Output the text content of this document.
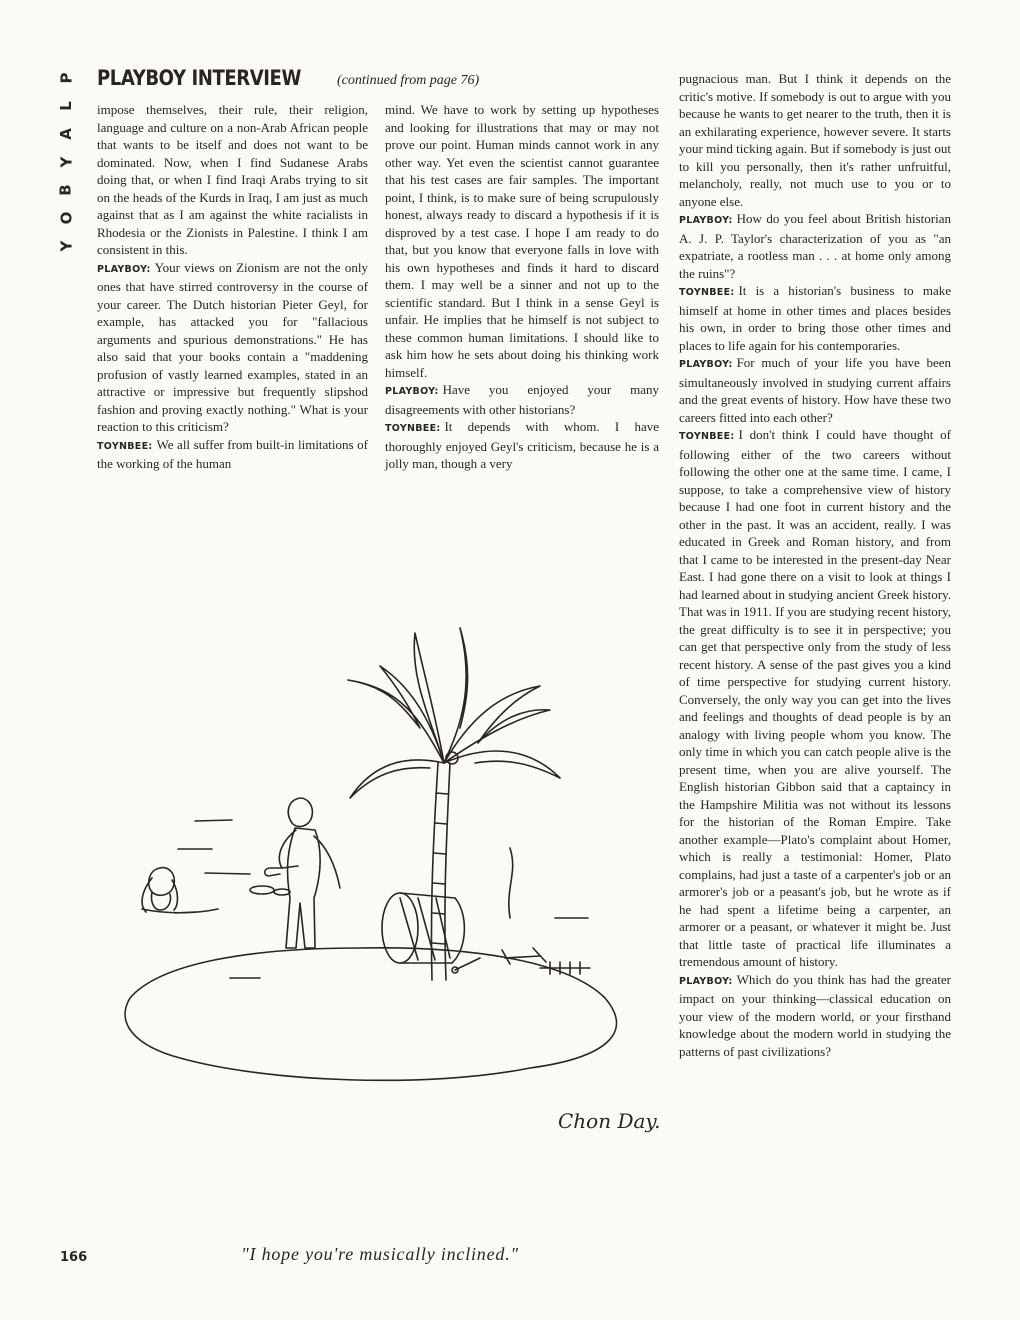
P
L
A
Y
B
O
Y
PLAYBOY INTERVIEW	(continued from page 76)

impose themselves, their rule, their religion, language and culture on a non-Arab African people that wants to be itself and does not want to be dominated. Now, when I find Sudanese Arabs doing that, or when I find Iraqi Arabs trying to sit on the heads of the Kurds in Iraq, I am just as much against that as I am against the white racialists in Rhodesia or the Zionists in Palestine. I think I am consistent in this.

PLAYBOY: Your views on Zionism are not the only ones that have stirred controversy in the course of your career. The Dutch historian Pieter Geyl, for example, has attacked you for "fallacious arguments and spurious demonstrations." He has also said that your books contain a "maddening profusion of vastly learned examples, stated in an attractive or impressive but frequently slipshod fashion and proving exactly nothing." What is your reaction to this criticism?

TOYNBEE: We all suffer from built-in limitations of the working of the human

mind. We have to work by setting up hypotheses and looking for illustrations that may or may not prove our point. Human minds cannot work in any other way. Yet even the scientist cannot guarantee that his test cases are fair samples. The important point, I think, is to make sure of being scrupulously honest, always ready to discard a hypothesis if it is disproved by a test case. I hope I am ready to do that, but you know that everyone falls in love with his own hypotheses and finds it hard to discard them. I may well be a sinner and not up to the scientific standard. But I think in a sense Geyl is unfair. He implies that he himself is not subject to these common human limitations. I should like to ask him how he sets about doing his thinking work himself.

PLAYBOY: Have you enjoyed your many disagreements with other historians?

TOYNBEE: It depends with whom. I have thoroughly enjoyed Geyl's criticism, because he is a jolly man, though a very

pugnacious man. But I think it depends on the critic's motive. If somebody is out to argue with you because he wants to get nearer to the truth, then it is an exhilarating experience, however severe. It starts your mind ticking again. But if somebody is just out to kill you personally, then it's rather unfruitful, melancholy, really, not much use to you or to anyone else.

PLAYBOY: How do you feel about British historian A. J. P. Taylor's characterization of you as "an expatriate, a rootless man . . . at home only among the ruins"?

TOYNBEE: It is a historian's business to make himself at home in other times and places besides his own, in order to bring those other times and places to life again for his contemporaries.

PLAYBOY: For much of your life you have been simultaneously involved in studying current affairs and the great events of history. How have these two careers fitted into each other?

TOYNBEE: I don't think I could have thought of following either of the two careers without following the other one at the same time. I came, I suppose, to take a comprehensive view of history because I had one foot in current history and the other in the past. It was an accident, really. I was educated in Greek and Roman history, and from that I came to be interested in the present-day Near East. I had gone there on a visit to look at things I had learned about in studying ancient Greek history. That was in 1911. If you are studying recent history, the great difficulty is to see it in perspective; you can get that perspective only from the study of less recent history. A sense of the past gives you a kind of time perspective for studying current history. Conversely, the only way you can get into the lives and feelings and thoughts of dead people is by an analogy with living people whom you know. The only time in which you can catch people alive is the present time, when you are alive yourself. The English historian Gibbon said that a captaincy in the Hampshire Militia was not without its lessons for the historian of the Roman Empire. Take another example—Plato's complaint about Homer, which is really a testimonial: Homer, Plato complains, had just a taste of a carpenter's job or an armorer's job or a peasant's job, but he wrote as if he had spent a lifetime being a carpenter, an armorer or a peasant, or whatever it might be. Just that little taste of practical life illuminates a tremendous amount of history.

PLAYBOY: Which do you think has had the greater impact on your thinking—classical education on your view of the modern world, or your firsthand knowledge about the modern world in studying the patterns of past civilizations?

Chon Day.
"I hope you're musically inclined."
166
